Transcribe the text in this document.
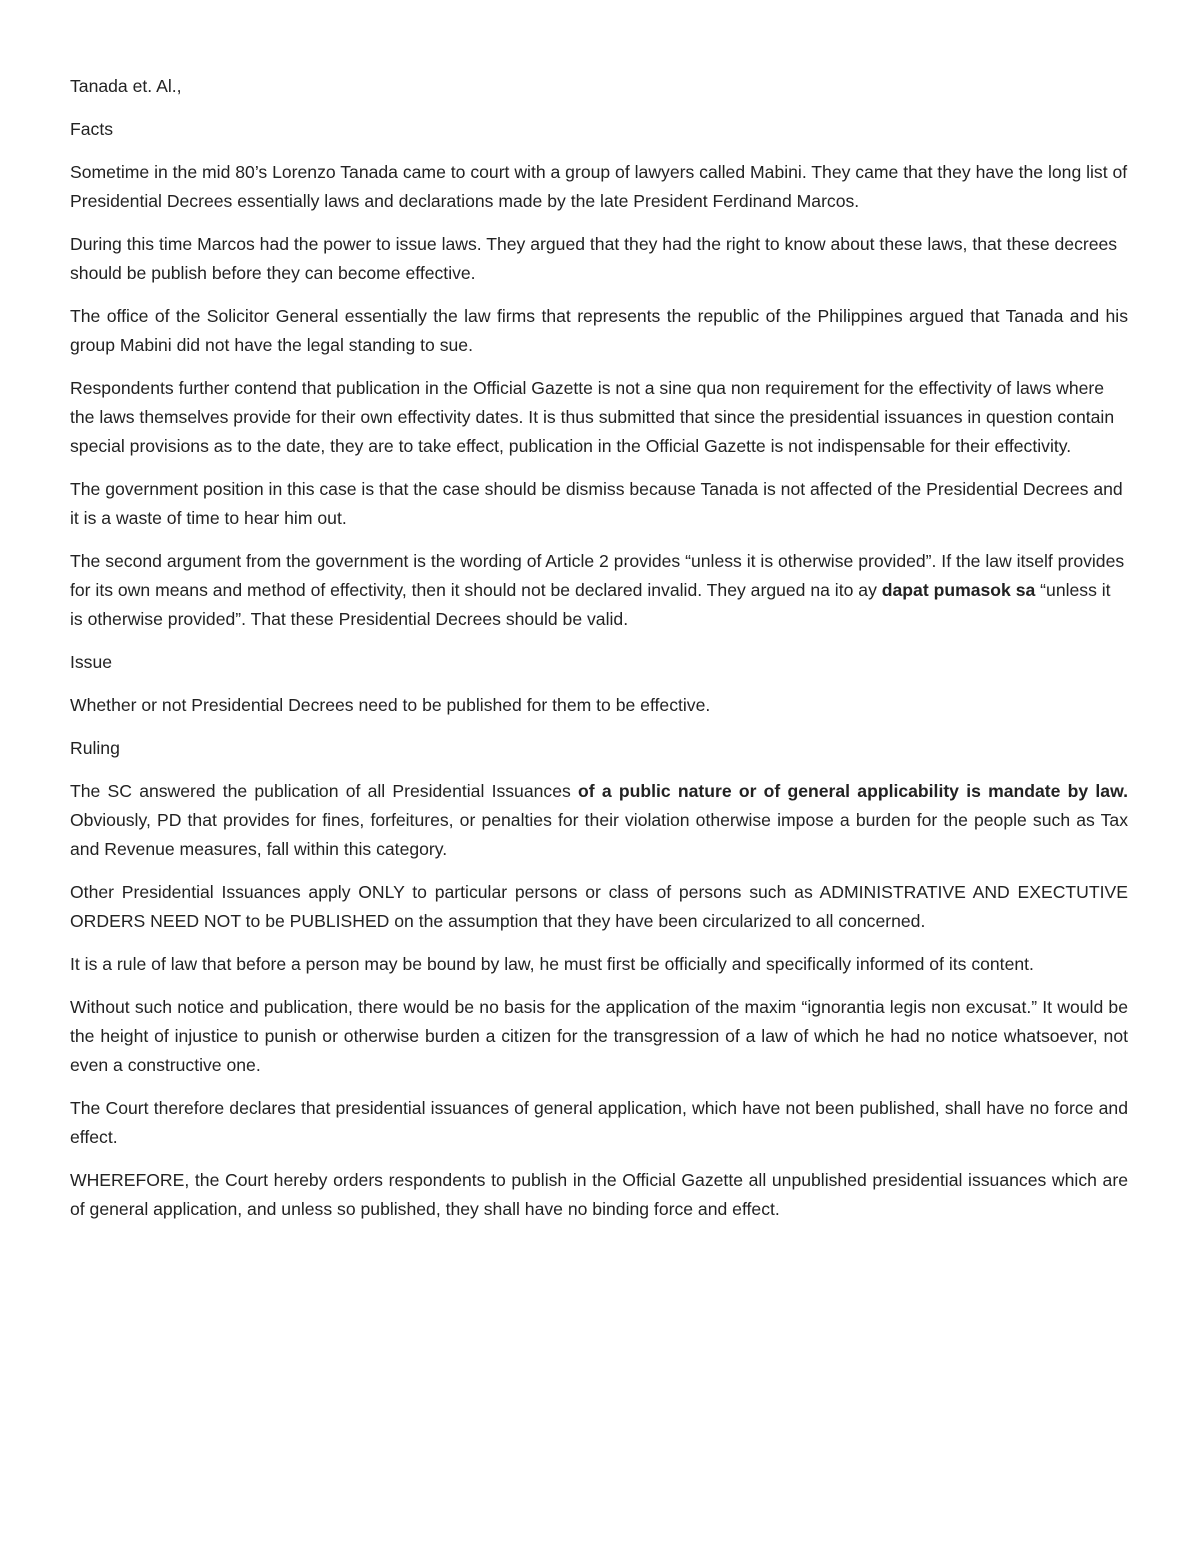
Tanada et. Al.,

Facts

Sometime in the mid 80’s Lorenzo Tanada came to court with a group of lawyers called Mabini. They came that they have the long list of Presidential Decrees essentially laws and declarations made by the late President Ferdinand Marcos.

During this time Marcos had the power to issue laws. They argued that they had the right to know about these laws, that these decrees should be publish before they can become effective.

The office of the Solicitor General essentially the law firms that represents the republic of the Philippines argued that Tanada and his group Mabini did not have the legal standing to sue.

Respondents further contend that publication in the Official Gazette is not a sine qua non requirement for the effectivity of laws where the laws themselves provide for their own effectivity dates. It is thus submitted that since the presidential issuances in question contain special provisions as to the date, they are to take effect, publication in the Official Gazette is not indispensable for their effectivity.

The government position in this case is that the case should be dismiss because Tanada is not affected of the Presidential Decrees and it is a waste of time to hear him out.

The second argument from the government is the wording of Article 2 provides “unless it is otherwise provided”. If the law itself provides for its own means and method of effectivity, then it should not be declared invalid. They argued na ito ay dapat pumasok sa “unless it is otherwise provided”. That these Presidential Decrees should be valid.

Issue

Whether or not Presidential Decrees need to be published for them to be effective.

Ruling

The SC answered the publication of all Presidential Issuances of a public nature or of general applicability is mandate by law. Obviously, PD that provides for fines, forfeitures, or penalties for their violation otherwise impose a burden for the people such as Tax and Revenue measures, fall within this category.

Other Presidential Issuances apply ONLY to particular persons or class of persons such as ADMINISTRATIVE AND EXECTUTIVE ORDERS NEED NOT to be PUBLISHED on the assumption that they have been circularized to all concerned.

It is a rule of law that before a person may be bound by law, he must first be officially and specifically informed of its content.

Without such notice and publication, there would be no basis for the application of the maxim “ignorantia legis non excusat.” It would be the height of injustice to punish or otherwise burden a citizen for the transgression of a law of which he had no notice whatsoever, not even a constructive one.

The Court therefore declares that presidential issuances of general application, which have not been published, shall have no force and effect.

WHEREFORE, the Court hereby orders respondents to publish in the Official Gazette all unpublished presidential issuances which are of general application, and unless so published, they shall have no binding force and effect.
